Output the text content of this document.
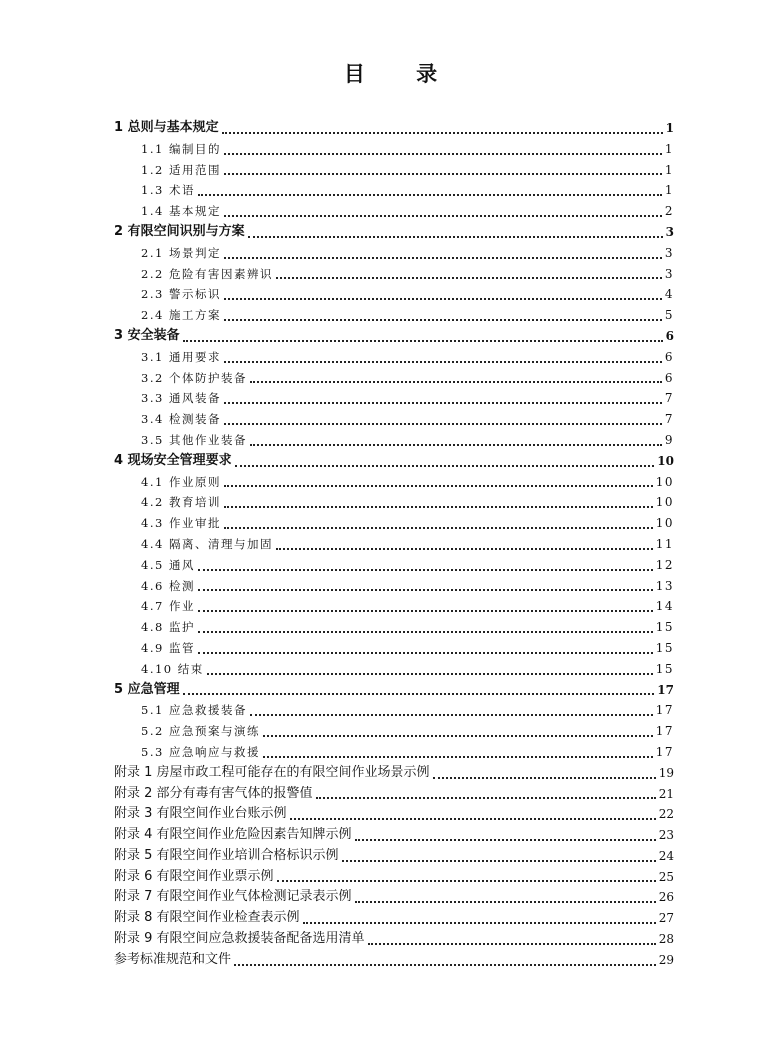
目 录
1 总则与基本规定	1
1.1 编制目的	1
1.2 适用范围	1
1.3 术语	1
1.4 基本规定	2
2 有限空间识别与方案	3
2.1 场景判定	3
2.2 危险有害因素辨识	3
2.3 警示标识	4
2.4 施工方案	5
3 安全装备	6
3.1 通用要求	6
3.2 个体防护装备	6
3.3 通风装备	7
3.4 检测装备	7
3.5 其他作业装备	9
4 现场安全管理要求	10
4.1 作业原则	10
4.2 教育培训	10
4.3 作业审批	10
4.4 隔离、清理与加固	11
4.5 通风	12
4.6 检测	13
4.7 作业	14
4.8 监护	15
4.9 监管	15
4.10 结束	15
5 应急管理	17
5.1 应急救援装备	17
5.2 应急预案与演练	17
5.3 应急响应与救援	17
附录 1 房屋市政工程可能存在的有限空间作业场景示例	19
附录 2 部分有毒有害气体的报警值	21
附录 3 有限空间作业台账示例	22
附录 4 有限空间作业危险因素告知牌示例	23
附录 5 有限空间作业培训合格标识示例	24
附录 6 有限空间作业票示例	25
附录 7 有限空间作业气体检测记录表示例	26
附录 8 有限空间作业检查表示例	27
附录 9 有限空间应急救援装备配备选用清单	28
参考标准规范和文件	29
